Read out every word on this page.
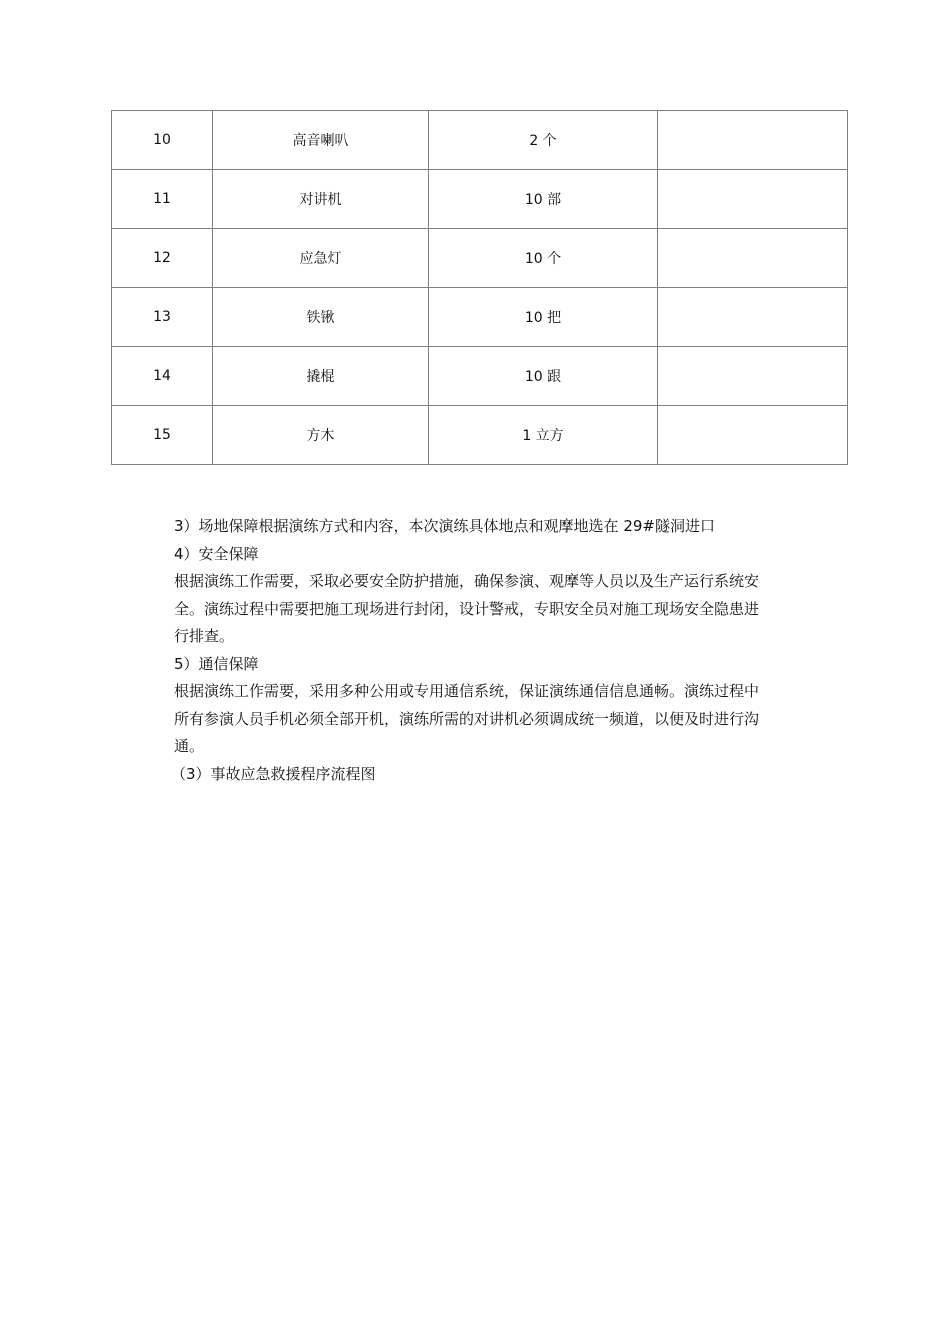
10	高音喇叭	2 个	
11	对讲机	10 部	
12	应急灯	10 个	
13	铁锹	10 把	
14	撬棍	10 跟	
15	方木	1 立方	

3）场地保障根据演练方式和内容，本次演练具体地点和观摩地选在 29#隧洞进口

4）安全保障

根据演练工作需要，采取必要安全防护措施，确保参演、观摩等人员以及生产运行系统安

全。演练过程中需要把施工现场进行封闭，设计警戒，专职安全员对施工现场安全隐患进

行排查。

5）通信保障

根据演练工作需要，采用多种公用或专用通信系统，保证演练通信信息通畅。演练过程中

所有参演人员手机必须全部开机，演练所需的对讲机必须调成统一频道，以便及时进行沟

通。

（3）事故应急救援程序流程图
